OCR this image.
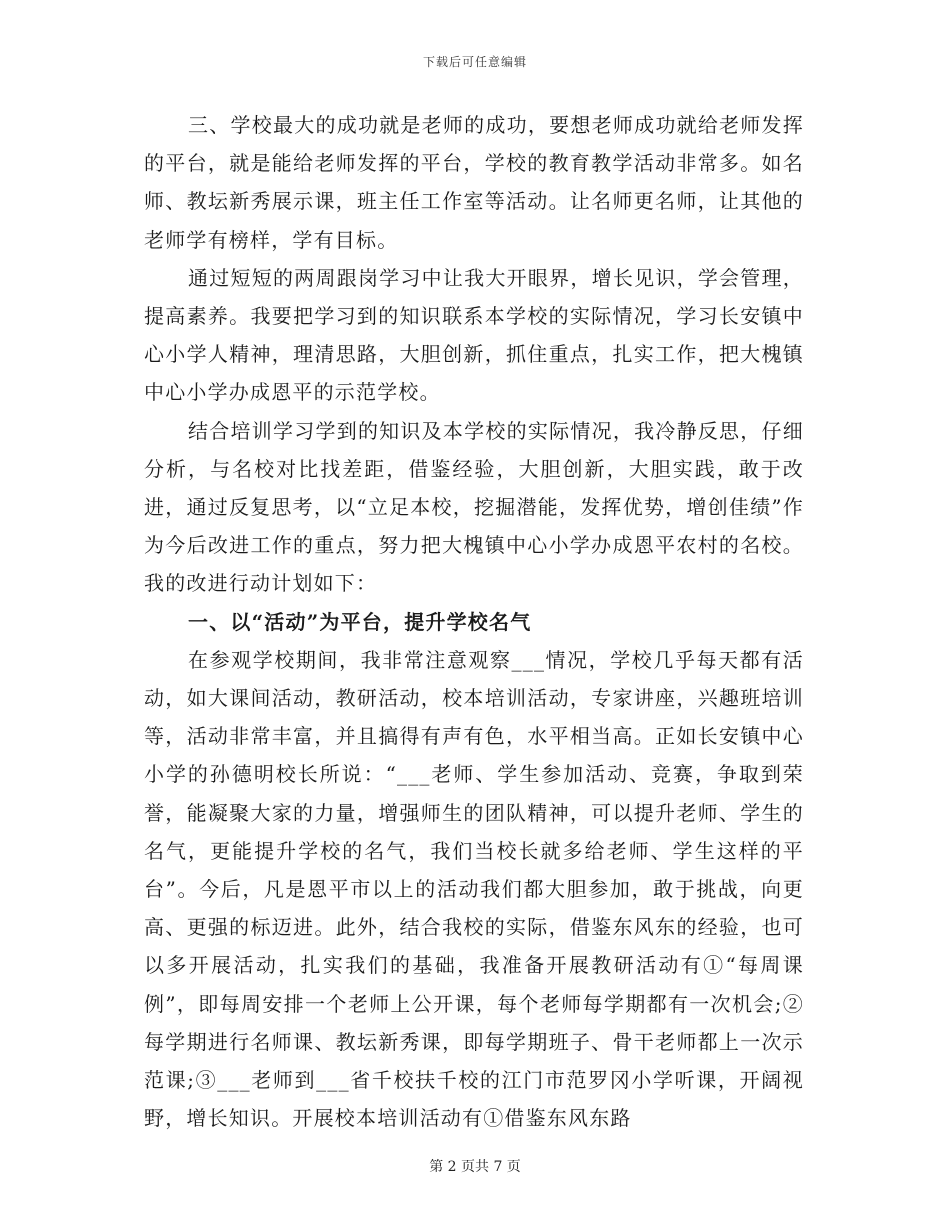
下载后可任意编辑

三、学校最大的成功就是老师的成功，要想老师成功就给老师发挥的平台，就是能给老师发挥的平台，学校的教育教学活动非常多。如名师、教坛新秀展示课，班主任工作室等活动。让名师更名师，让其他的老师学有榜样，学有目标。

通过短短的两周跟岗学习中让我大开眼界，增长见识，学会管理，提高素养。我要把学习到的知识联系本学校的实际情况，学习长安镇中心小学人精神，理清思路，大胆创新，抓住重点，扎实工作，把大槐镇中心小学办成恩平的示范学校。

结合培训学习学到的知识及本学校的实际情况，我冷静反思，仔细分析，与名校对比找差距，借鉴经验，大胆创新，大胆实践，敢于改进，通过反复思考，以“立足本校，挖掘潜能，发挥优势，增创佳绩”作为今后改进工作的重点，努力把大槐镇中心小学办成恩平农村的名校。我的改进行动计划如下：

一、以“活动”为平台，提升学校名气

在参观学校期间，我非常注意观察___情况，学校几乎每天都有活动，如大课间活动，教研活动，校本培训活动，专家讲座，兴趣班培训等，活动非常丰富，并且搞得有声有色，水平相当高。正如长安镇中心小学的孙德明校长所说：“___老师、学生参加活动、竞赛，争取到荣誉，能凝聚大家的力量，增强师生的团队精神，可以提升老师、学生的名气，更能提升学校的名气，我们当校长就多给老师、学生这样的平台”。今后，凡是恩平市以上的活动我们都大胆参加，敢于挑战，向更高、更强的标迈进。此外，结合我校的实际，借鉴东风东的经验，也可以多开展活动，扎实我们的基础，我准备开展教研活动有①“每周课例”，即每周安排一个老师上公开课，每个老师每学期都有一次机会;② 每学期进行名师课、教坛新秀课，即每学期班子、骨干老师都上一次示范课;③___老师到___省千校扶千校的江门市范罗冈小学听课，开阔视野，增长知识。开展校本培训活动有①借鉴东风东路

第 2 页共 7 页
